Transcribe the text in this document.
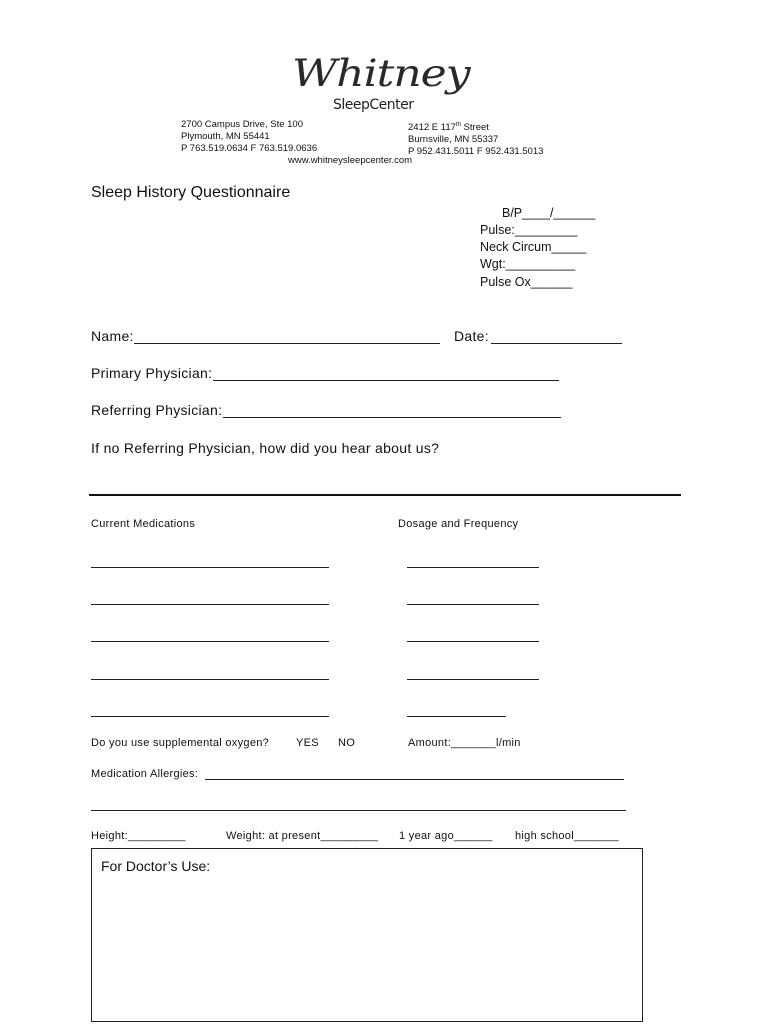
Whitney
SleepCenter
2700 Campus Drive, Ste 100
Plymouth, MN 55441
P 763.519.0634 F 763.519.0636
2412 E 117th Street
Burnsville, MN 55337
P 952.431.5011 F 952.431.5013
www.whitneysleepcenter.com
Sleep History Questionnaire
B/P____/______
Pulse:_________
Neck Circum_____
Wgt:__________
Pulse Ox______
Name:	Date:
Primary Physician:
Referring Physician:
If no Referring Physician, how did you hear about us?
Current Medications	Dosage and Frequency
Do you use supplemental oxygen? YES NO	Amount:_______l/min
Medication Allergies:
Height:_________	Weight: at present_________ 1 year ago______ high school_______
For Doctor’s Use:
